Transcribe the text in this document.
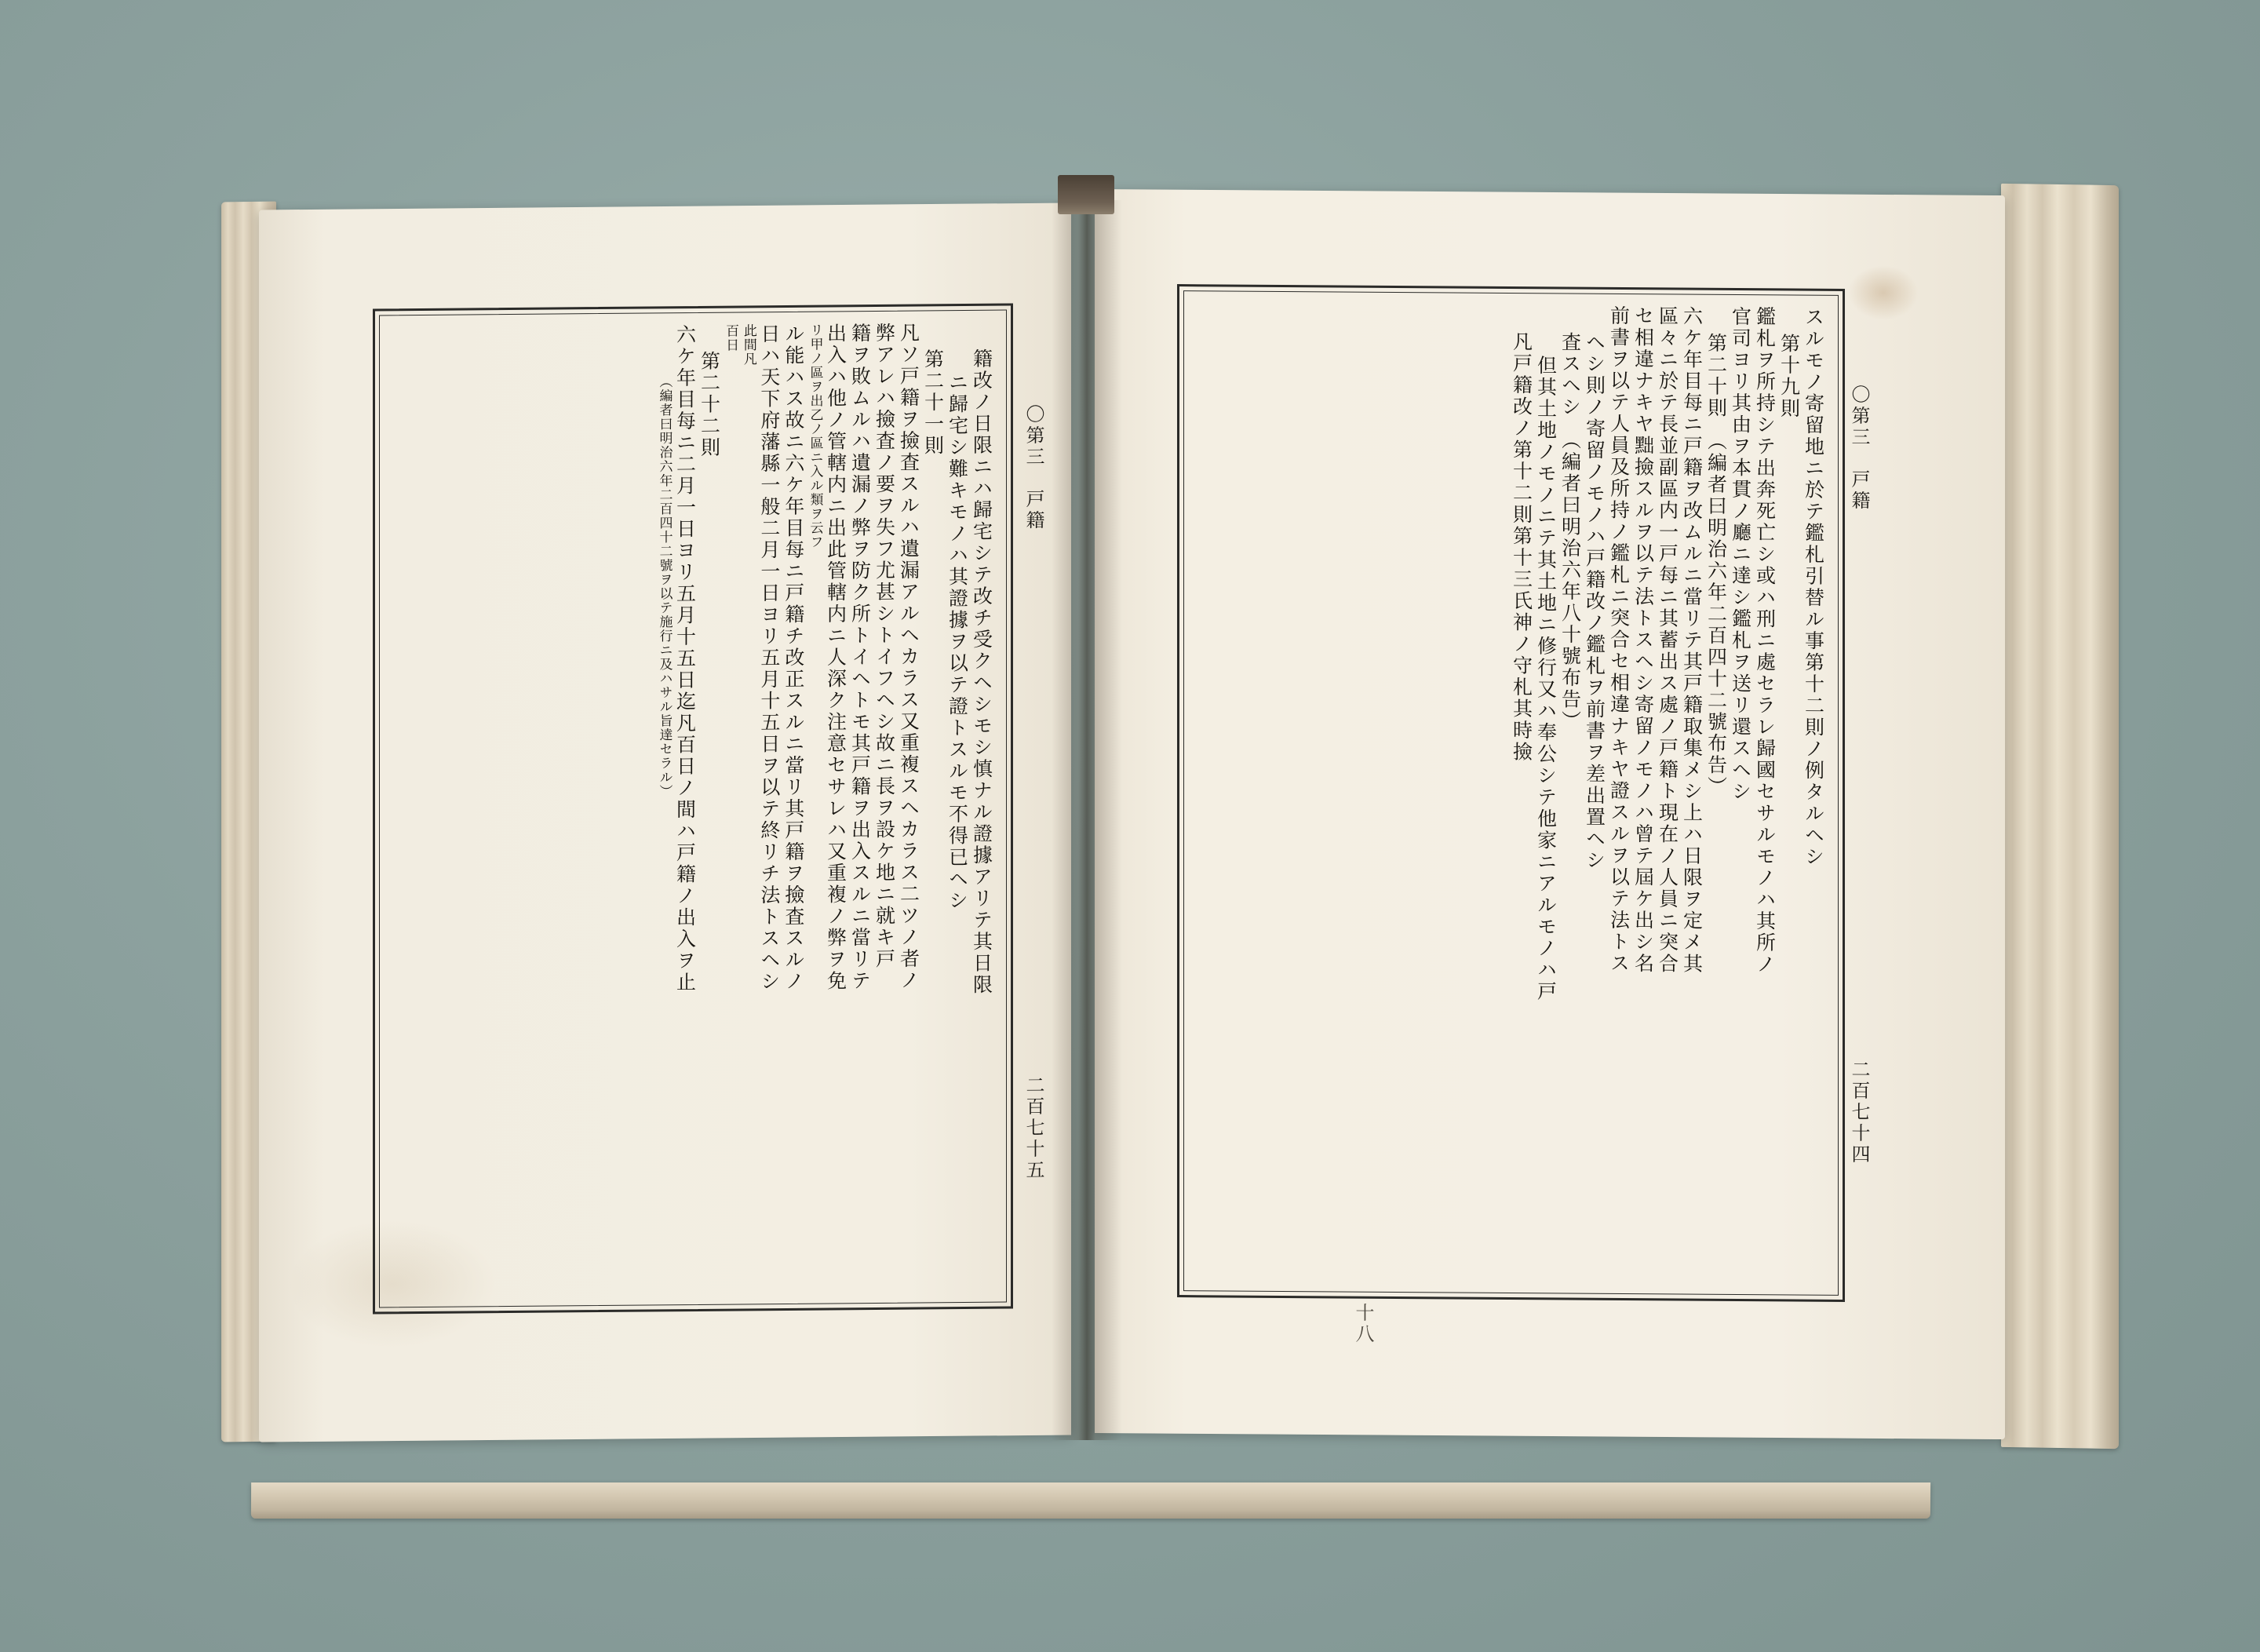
〇第三　戸籍
二百七十五
籍改ノ日限ニハ歸宅シテ改チ受クヘシモシ慎ナル證據アリテ其日限
ニ歸宅シ難キモノハ其證據ヲ以テ證トスルモ不得已ヘシ
第二十一則
凡ソ戸籍ヲ撿査スルハ遺漏アルヘカラス又重複スヘカラス二ツノ者ノ
弊アレハ撿査ノ要ヲ失フ尤甚シトイフヘシ故ニ長ヲ設ケ地ニ就キ戸
籍ヲ敗ムルハ遺漏ノ弊ヲ防ク所トイヘトモ其戸籍ヲ出入スルニ當リテ
出入ハ他ノ管轄内ニ出此管轄内ニ人深ク注意セサレハ又重複ノ弊ヲ免
リ甲ノ區ヲ出乙ノ區ニ入ル類ヲ云フ
ル能ハス故ニ六ケ年目每ニ戸籍チ改正スルニ當リ其戸籍ヲ撿査スルノ
日ハ天下府藩縣一般二月一日ヨリ五月十五日ヲ以テ終リチ法トスヘシ
此間凡
百日
第二十二則
六ケ年目每ニ二月一日ヨリ五月十五日迄凡百日ノ間ハ戸籍ノ出入ヲ止
（編者曰明治六年二百四十二號ヲ以テ施行ニ及ハサル旨達セラル）	〇第三　戸籍
二百七十四
十八
スルモノ寄留地ニ於テ鑑札引替ル事第十二則ノ例タルヘシ
第十九則
鑑札ヲ所持シテ出奔死亡シ或ハ刑ニ處セラレ歸國セサルモノハ其所ノ
官司ヨリ其由ヲ本貫ノ廳ニ達シ鑑札ヲ送リ還スヘシ
第二十則　（編者曰明治六年二百四十二號布告）
六ケ年目每ニ戸籍ヲ改ムルニ當リテ其戸籍取集メシ上ハ日限ヲ定メ其
區々ニ於テ長並副區内一戸每ニ其蓄出ス處ノ戸籍ト現在ノ人員ニ突合
セ相違ナキヤ黜撿スルヲ以テ法トスヘシ寄留ノモノハ曾テ屆ケ出シ名
前書ヲ以テ人員及所持ノ鑑札ニ突合セ相違ナキヤ證スルヲ以テ法トス
ヘシ則ノ寄留ノモノハ戸籍改ノ鑑札ヲ前書ヲ差出置ヘシ
査スヘシ　（編者曰明治六年八十號布告）
但其土地ノモノニテ其土地ニ修行又ハ奉公シテ他家ニアルモノハ戸
凡戸籍改ノ第十二則第十三氏神ノ守札其時撿
